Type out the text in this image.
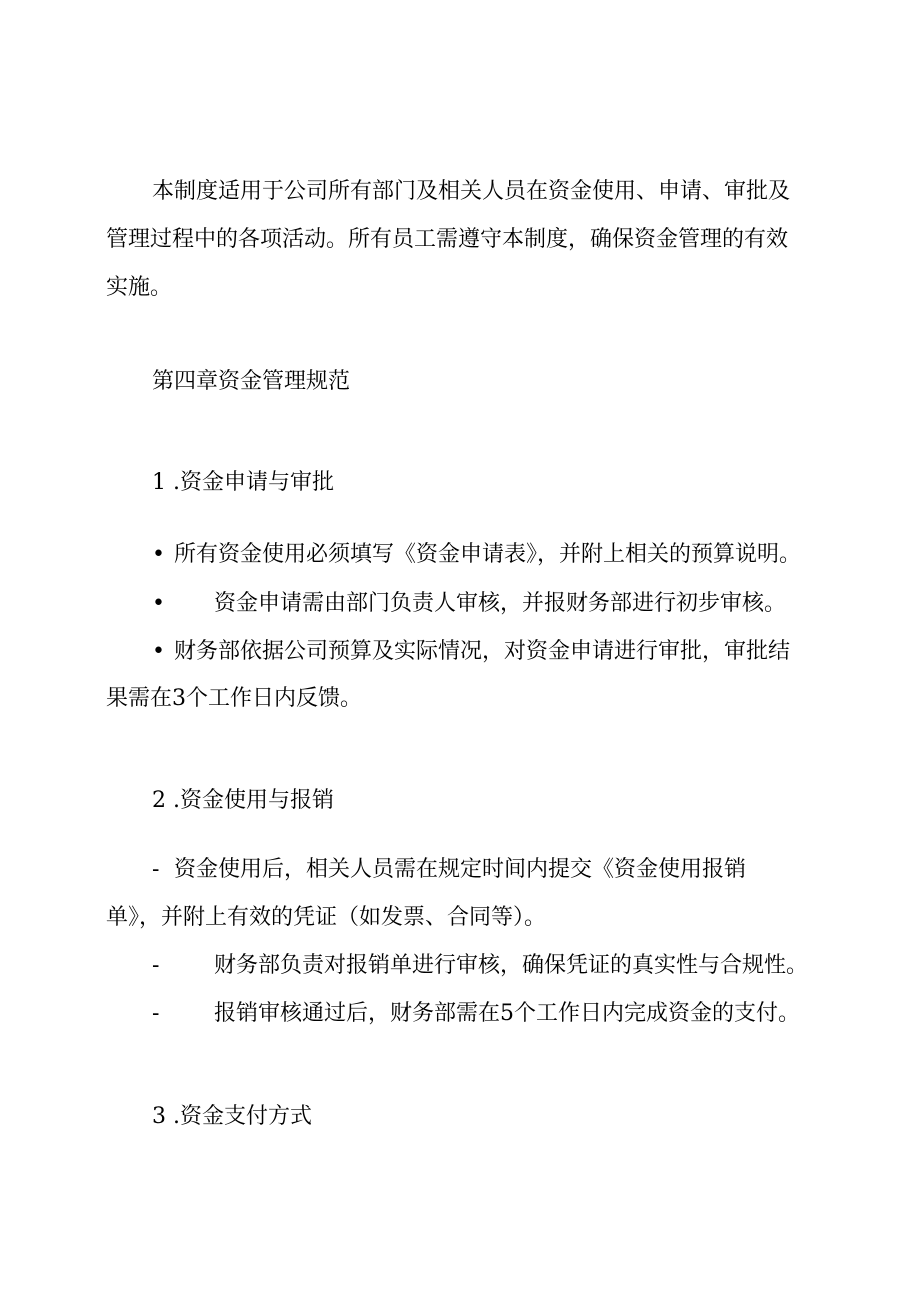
本制度适用于公司所有部门及相关人员在资金使用、申请、审批及
管理过程中的各项活动。所有员工需遵守本制度，确保资金管理的有效
实施。
第四章资金管理规范
1 .资金申请与审批
• 所有资金使用必须填写《资金申请表》，并附上相关的预算说明。
• 资金申请需由部门负责人审核，并报财务部进行初步审核。
• 财务部依据公司预算及实际情况，对资金申请进行审批，审批结
果需在3个工作日内反馈。
2 .资金使用与报销
- 资金使用后，相关人员需在规定时间内提交《资金使用报销
单》，并附上有效的凭证（如发票、合同等）。
- 财务部负责对报销单进行审核，确保凭证的真实性与合规性。
- 报销审核通过后，财务部需在5个工作日内完成资金的支付。
3 .资金支付方式
